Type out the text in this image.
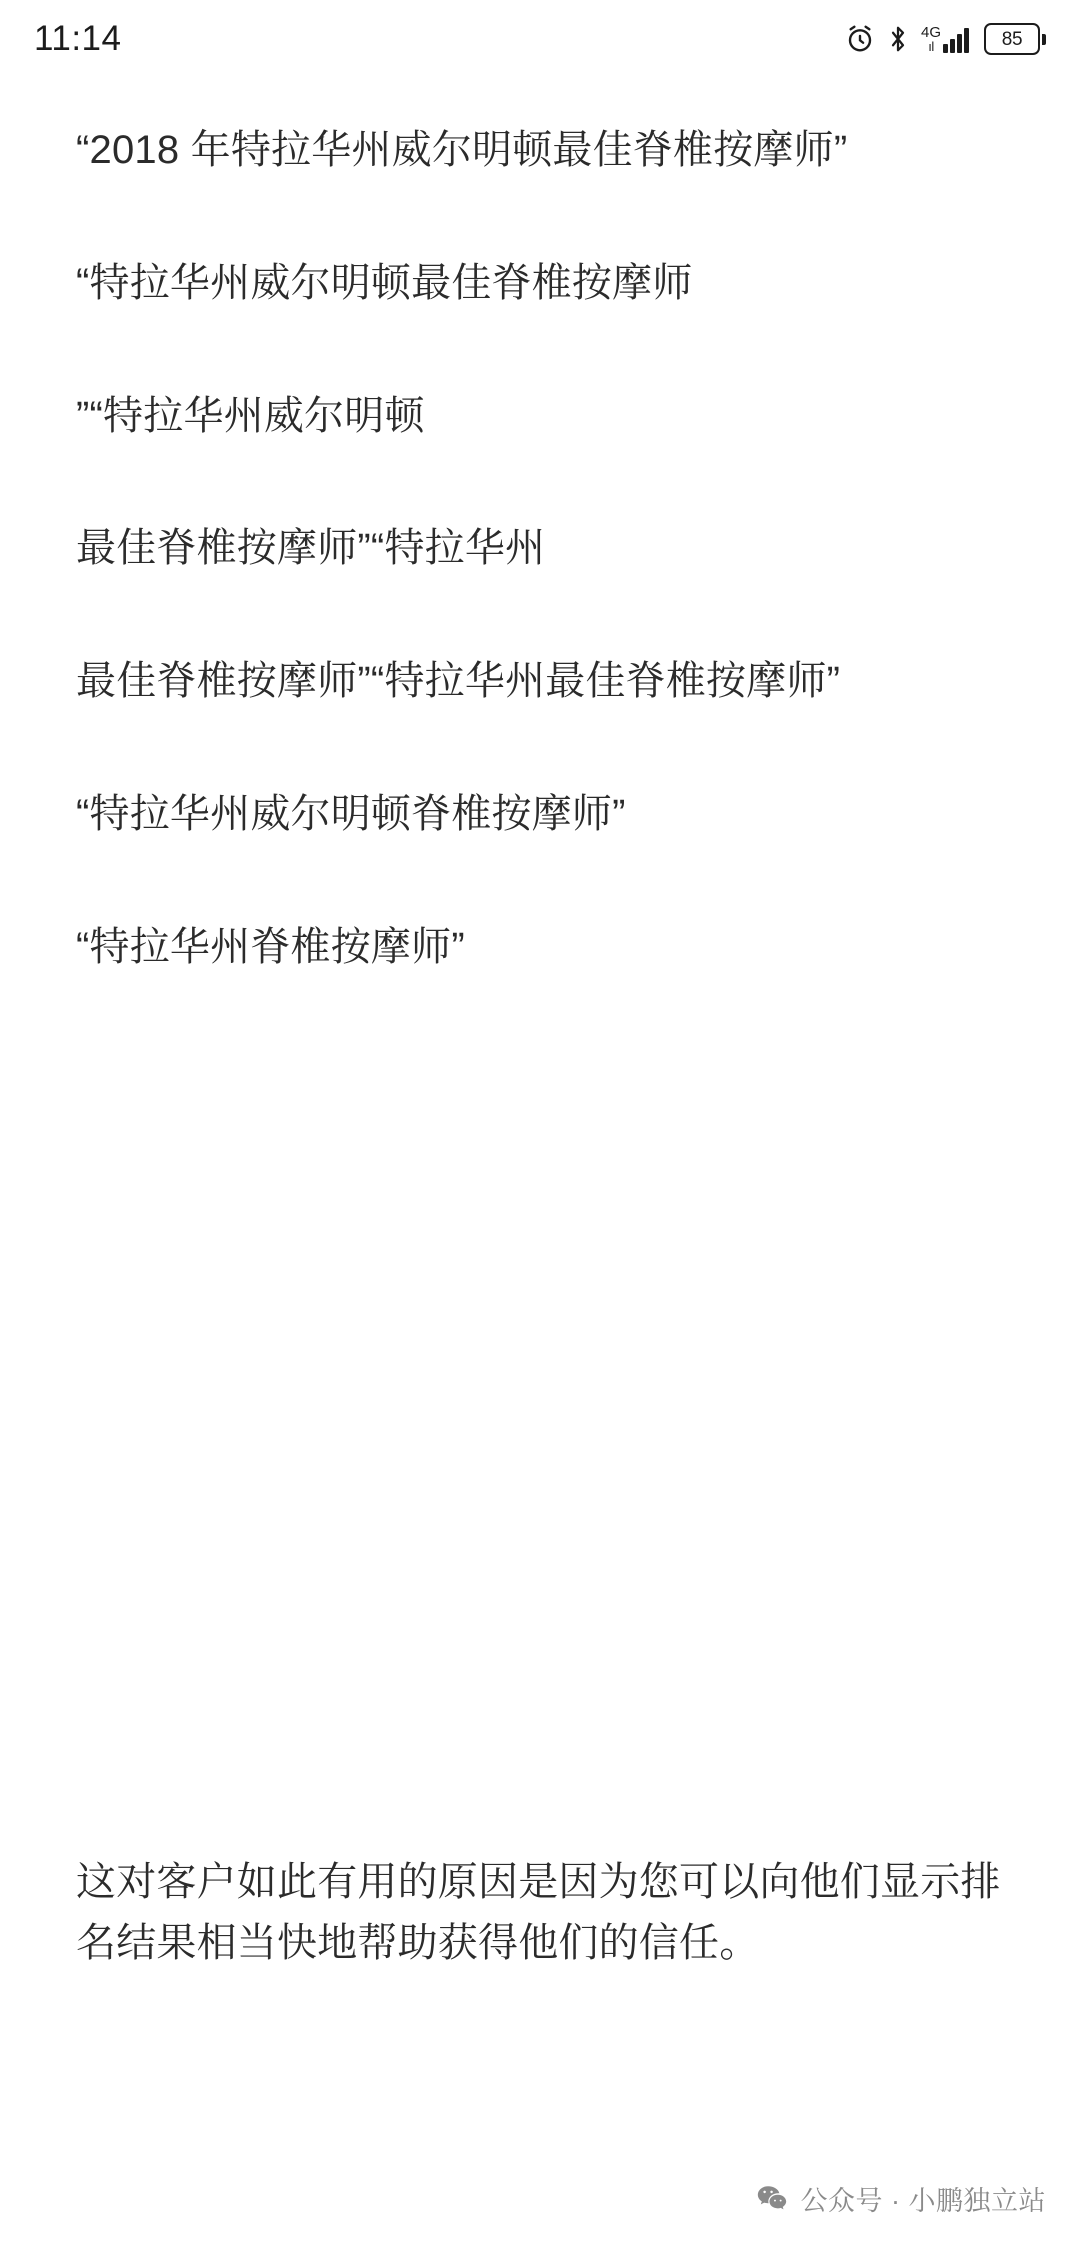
11:14	4G
ıl	85

“2018 年特拉华州威尔明顿最佳脊椎按摩师”

“特拉华州威尔明顿最佳脊椎按摩师

”“特拉华州威尔明顿

最佳脊椎按摩师”“特拉华州

最佳脊椎按摩师”“特拉华州最佳脊椎按摩师”

“特拉华州威尔明顿脊椎按摩师”

“特拉华州脊椎按摩师”

这对客户如此有用的原因是因为您可以向他们显示排名结果相当快地帮助获得他们的信任。

公众号 · 小鹏独立站
